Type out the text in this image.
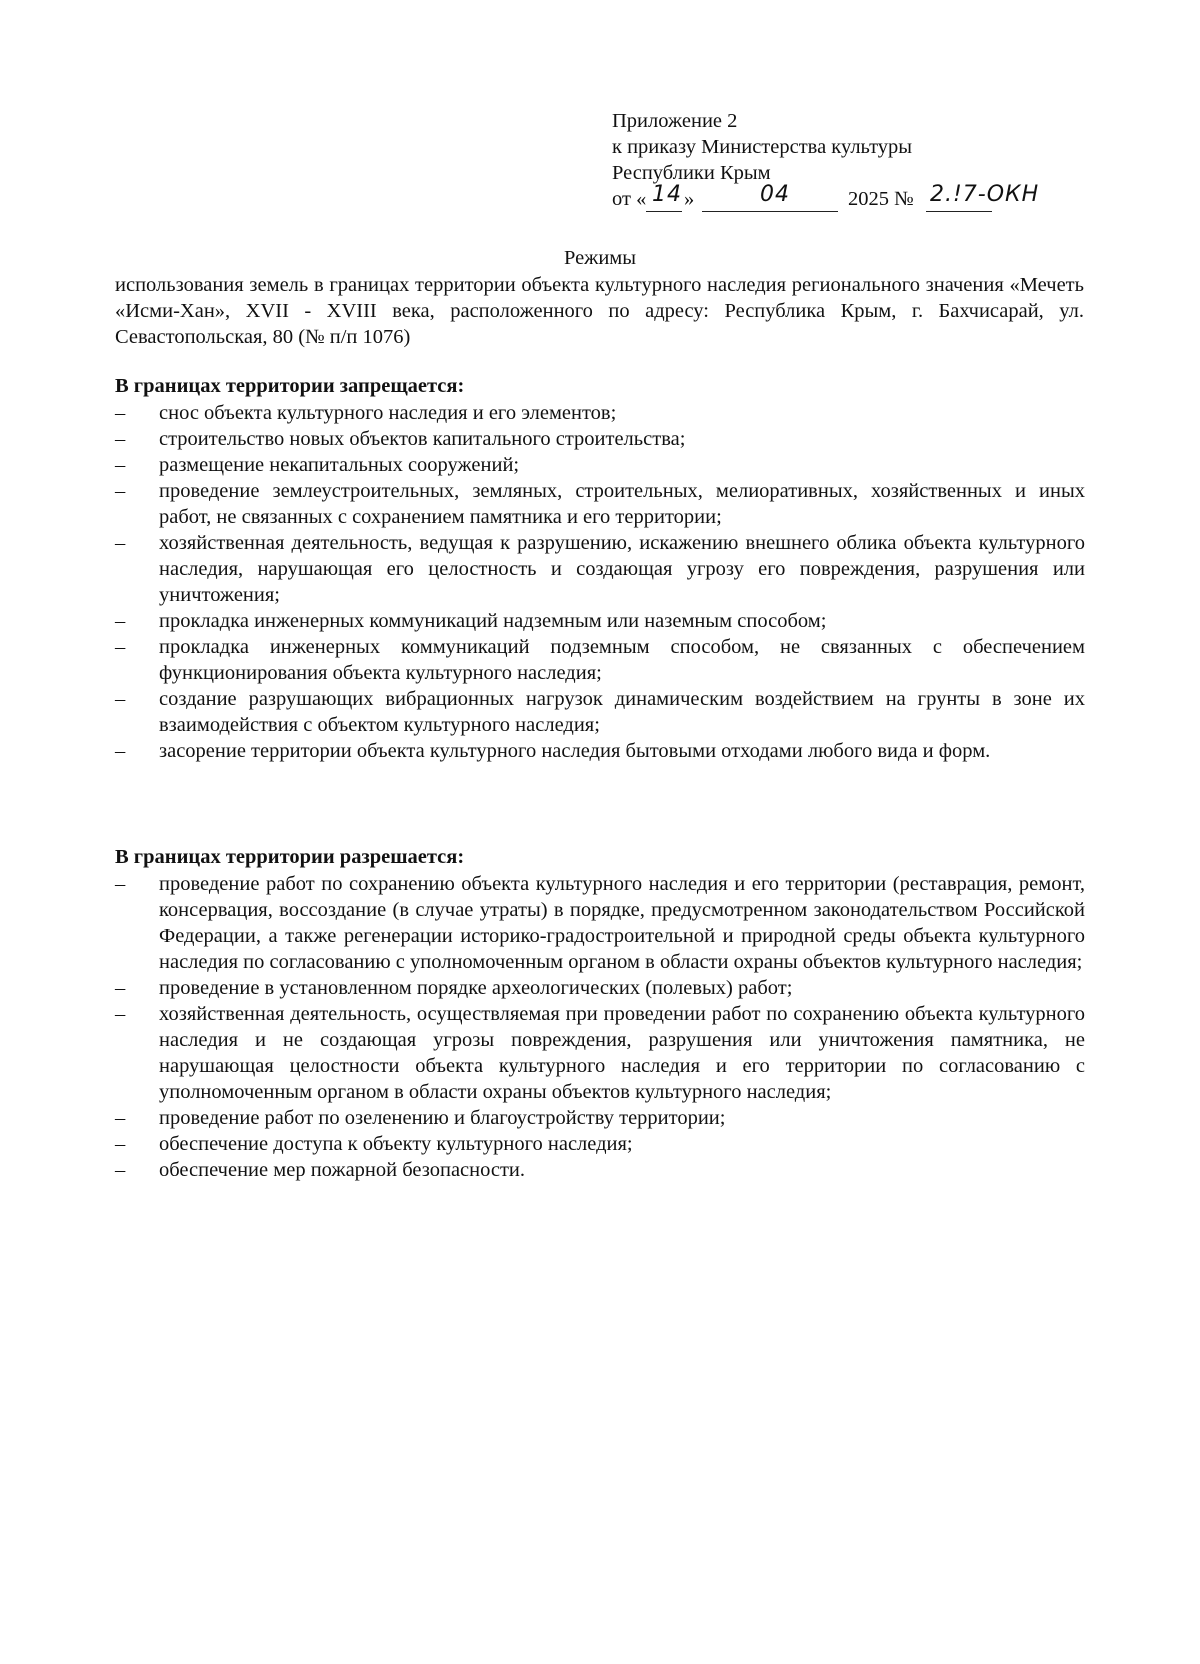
Приложение 2
к приказу Министерства культуры
Республики Крым
от « 14 »	04	2025 № 2.!7-ОКН
Режимы
использования земель в границах территории объекта культурного наследия регионального значения «Мечеть «Исми-Хан», XVII - XVIII века, расположенного по адресу: Республика Крым, г. Бахчисарай, ул. Севастопольская, 80 (№ п/п 1076)
В границах территории запрещается:
– снос объекта культурного наследия и его элементов;
– строительство новых объектов капитального строительства;
– размещение некапитальных сооружений;
– проведение землеустроительных, земляных, строительных, мелиоративных, хозяйственных и иных работ, не связанных с сохранением памятника и его территории;
– хозяйственная деятельность, ведущая к разрушению, искажению внешнего облика объекта культурного наследия, нарушающая его целостность и создающая угрозу его повреждения, разрушения или уничтожения;
– прокладка инженерных коммуникаций надземным или наземным способом;
– прокладка инженерных коммуникаций подземным способом, не связанных с обеспечением функционирования объекта культурного наследия;
– создание разрушающих вибрационных нагрузок динамическим воздействием на грунты в зоне их взаимодействия с объектом культурного наследия;
– засорение территории объекта культурного наследия бытовыми отходами любого вида и форм.
В границах территории разрешается:
– проведение работ по сохранению объекта культурного наследия и его территории (реставрация, ремонт, консервация, воссоздание (в случае утраты) в порядке, предусмотренном законодательством Российской Федерации, а также регенерации историко-градостроительной и природной среды объекта культурного наследия по согласованию с уполномоченным органом в области охраны объектов культурного наследия;
– проведение в установленном порядке археологических (полевых) работ;
– хозяйственная деятельность, осуществляемая при проведении работ по сохранению объекта культурного наследия и не создающая угрозы повреждения, разрушения или уничтожения памятника, не нарушающая целостности объекта культурного наследия и его территории по согласованию с уполномоченным органом в области охраны объектов культурного наследия;
– проведение работ по озеленению и благоустройству территории;
– обеспечение доступа к объекту культурного наследия;
– обеспечение мер пожарной безопасности.
